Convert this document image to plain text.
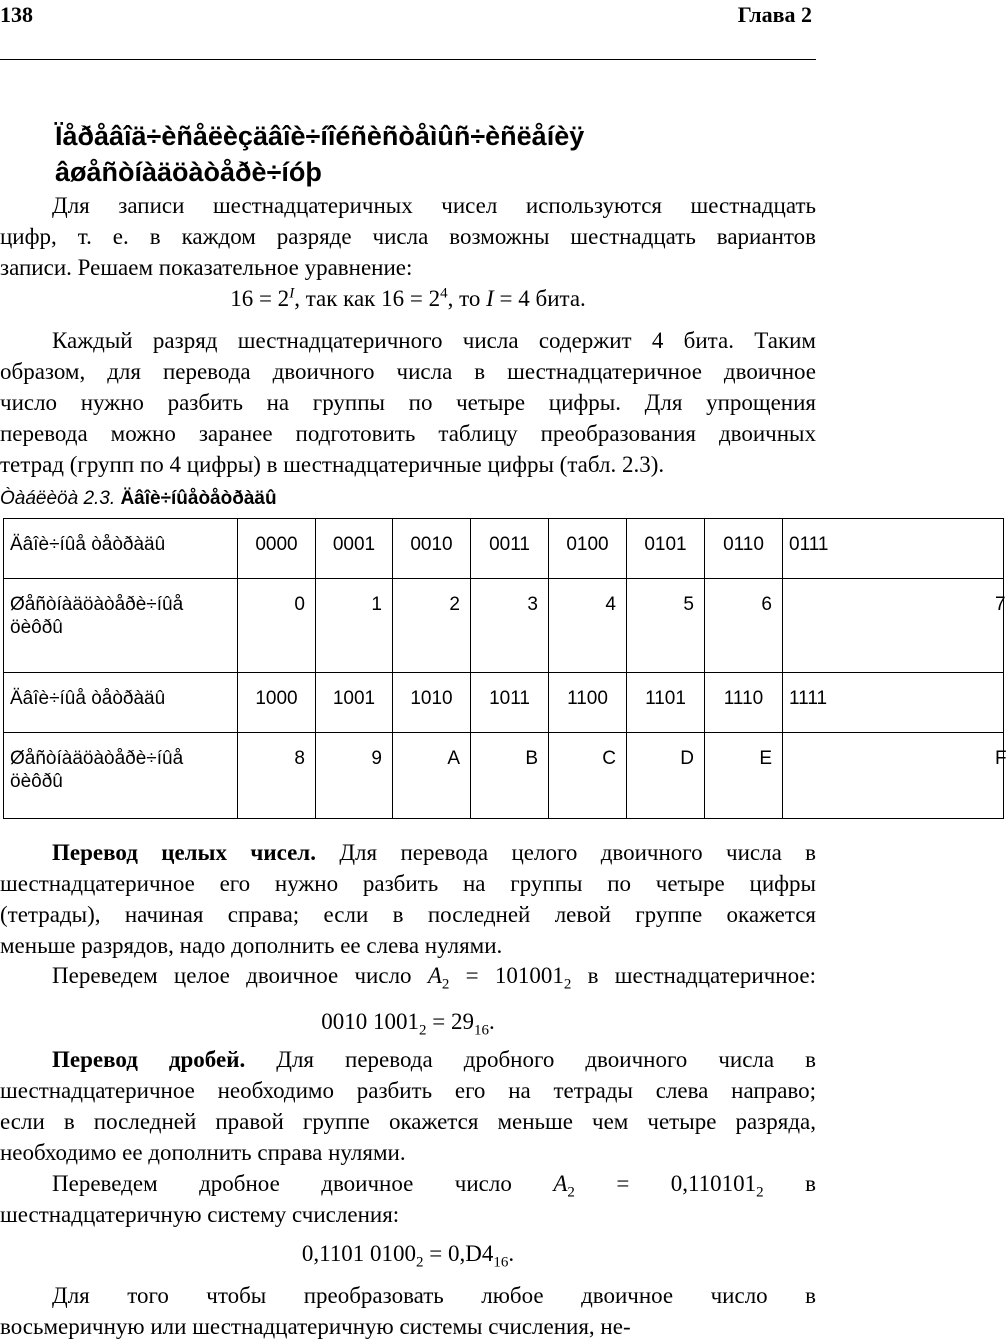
138	Глава 2
Ïåðåâîä÷èñåëèçäâîè÷íîéñèñòåìûñ÷èñëåíèÿ
âøåñòíàäöàòåðè÷íóþ
Для записи шестнадцатеричных чисел используются шестнадцать
цифр, т. е. в каждом разряде числа возможны шестнадцать вариантов
записи. Решаем показательное уравнение:
$16 = 2^I$, так как $16 = 2^4$, то I = 4 бита.
Каждый разряд шестнадцатеричного числа содержит 4 бита. Таким
образом, для перевода двоичного числа в шестнадцатеричное двоичное
число нужно разбить на группы по четыре цифры. Для упрощения
перевода можно заранее подготовить таблицу преобразования двоичных
тетрад (групп по 4 цифры) в шестнадцатеричные цифры (табл. 2.3).
Òàáëèöà 2.3. Äâîè÷íûåòåòðàäû
Äâîè÷íûå òåòðàäû	0000	0001	0010	0011	0100	0101	0110	0111
Øåñòíàäöàòåðè÷íûå öèôðû	0	1	2	3	4	5	6	7
Äâîè÷íûå òåòðàäû	1000	1001	1010	1011	1100	1101	1110	1111
Øåñòíàäöàòåðè÷íûå öèôðû	8	9	A	B	C	D	E	F
Перевод целых чисел. Для перевода целого двоичного числа в
шестнадцатеричное его нужно разбить на группы по четыре цифры
(тетрады), начиная справа; если в последней левой группе окажется
меньше разрядов, надо дополнить ее слева нулями.
Переведем целое двоичное число $A_2 = 101001_2$ в шестнадцатеричное:
0010 $1001_2 = 29_{16}$.
Перевод дробей. Для перевода дробного двоичного числа в
шестнадцатеричное необходимо разбить его на тетрады слева направо;
если в последней правой группе окажется меньше чем четыре разряда,
необходимо ее дополнить справа нулями.
Переведем дробное двоичное число $A_2 = 0,110101_2$ в
шестнадцатеричную систему счисления:
0,1101 $0100_2 = 0,D4_{16}$.
Для того чтобы преобразовать любое двоичное число в
восьмеричную или шестнадцатеричную системы счисления, не-
